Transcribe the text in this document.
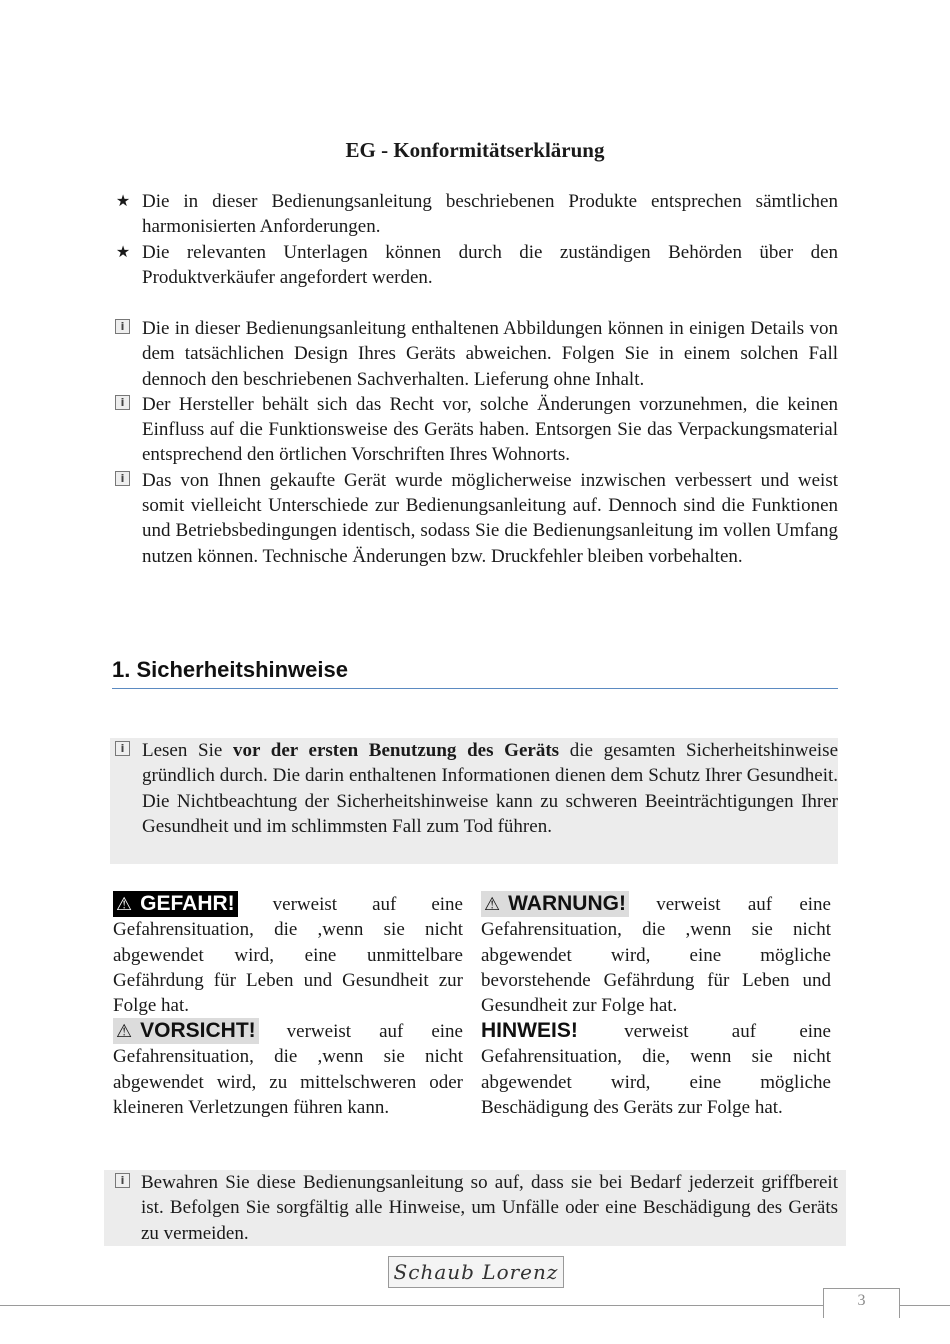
EG - Konformitätserklärung
★ Die in dieser Bedienungsanleitung beschriebenen Produkte entsprechen sämtlichen harmonisierten Anforderungen.
★ Die relevanten Unterlagen können durch die zuständigen Behörden über den Produktverkäufer angefordert werden.
i Die in dieser Bedienungsanleitung enthaltenen Abbildungen können in einigen Details von dem tatsächlichen Design Ihres Geräts abweichen. Folgen Sie in einem solchen Fall dennoch den beschriebenen Sachverhalten. Lieferung ohne Inhalt.
i Der Hersteller behält sich das Recht vor, solche Änderungen vorzunehmen, die keinen Einfluss auf die Funktionsweise des Geräts haben. Entsorgen Sie das Verpackungsmaterial entsprechend den örtlichen Vorschriften Ihres Wohnorts.
i Das von Ihnen gekaufte Gerät wurde möglicherweise inzwischen verbessert und weist somit vielleicht Unterschiede zur Bedienungsanleitung auf. Dennoch sind die Funktionen und Betriebsbedingungen identisch, sodass Sie die Bedienungsanleitung im vollen Umfang nutzen können. Technische Änderungen bzw. Druckfehler bleiben vorbehalten.
1. Sicherheitshinweise
i Lesen Sie vor der ersten Benutzung des Geräts die gesamten Sicherheitshinweise gründlich durch. Die darin enthaltenen Informationen dienen dem Schutz Ihrer Gesundheit. Die Nichtbeachtung der Sicherheitshinweise kann zu schweren Beeinträchtigungen Ihrer Gesundheit und im schlimmsten Fall zum Tod führen.
⚠ GEFAHR! verweist auf eine Gefahrensituation, die ,wenn sie nicht abgewendet wird, eine unmittelbare Gefährdung für Leben und Gesundheit zur Folge hat.
⚠ VORSICHT! verweist auf eine Gefahrensituation, die ,wenn sie nicht abgewendet wird, zu mittelschweren oder kleineren Verletzungen führen kann.
⚠ WARNUNG! verweist auf eine Gefahrensituation, die ,wenn sie nicht abgewendet wird, eine mögliche bevorstehende Gefährdung für Leben und Gesundheit zur Folge hat.
HINWEIS! verweist auf eine Gefahrensituation, die, wenn sie nicht abgewendet wird, eine mögliche Beschädigung des Geräts zur Folge hat.
i Bewahren Sie diese Bedienungsanleitung so auf, dass sie bei Bedarf jederzeit griffbereit ist. Befolgen Sie sorgfältig alle Hinweise, um Unfälle oder eine Beschädigung des Geräts zu vermeiden.
Schaub Lorenz
3
